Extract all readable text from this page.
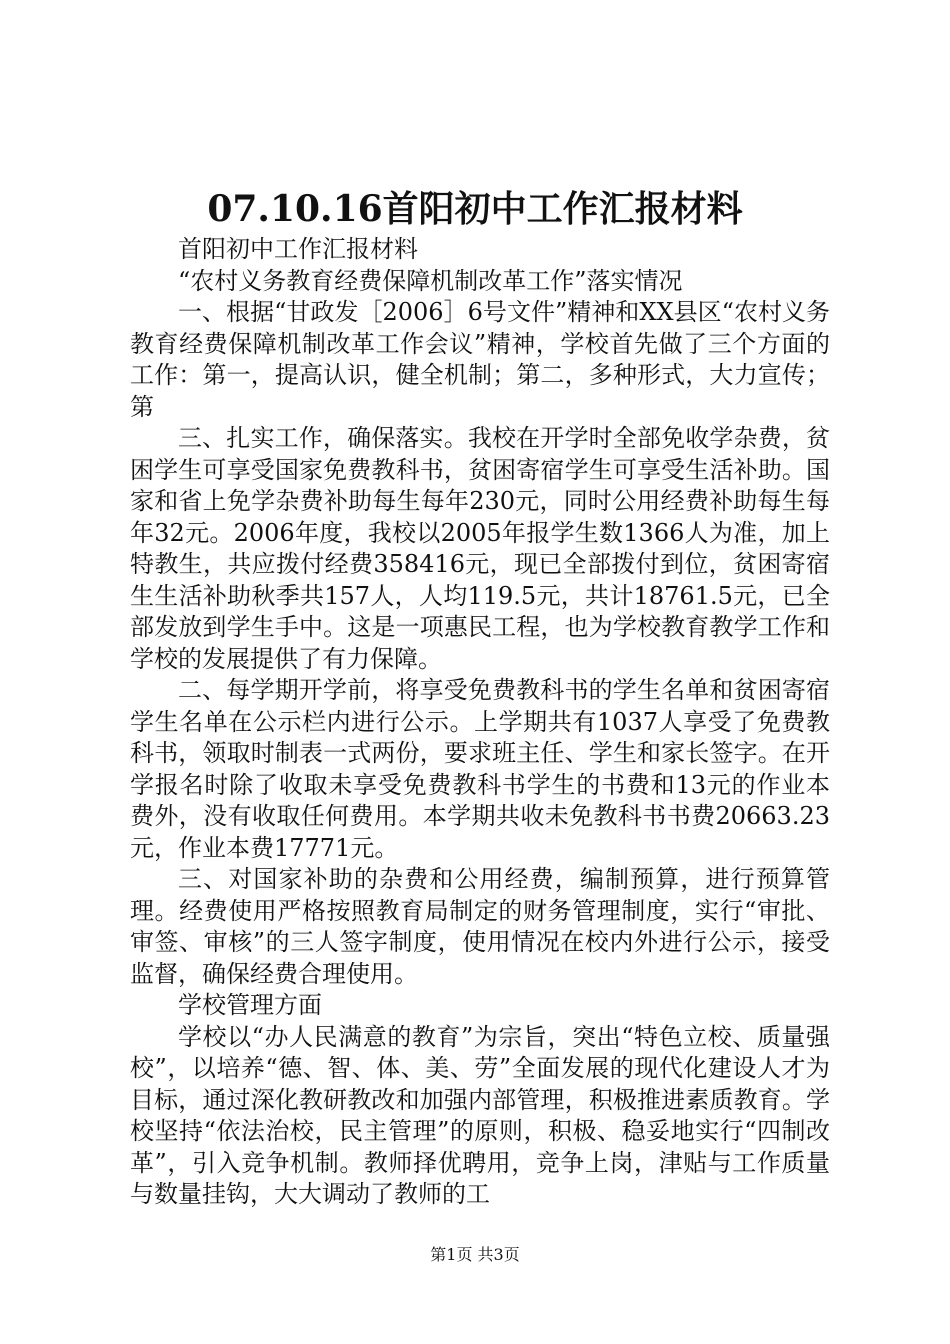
07.10.16首阳初中工作汇报材料

首阳初中工作汇报材料

“农村义务教育经费保障机制改革工作”落实情况

一、根据“甘政发［2006］6号文件”精神和XX县区“农村义务教育经费保障机制改革工作会议”精神，学校首先做了三个方面的工作：第一，提高认识，健全机制；第二，多种形式，大力宣传；第

三、扎实工作，确保落实。我校在开学时全部免收学杂费，贫困学生可享受国家免费教科书，贫困寄宿学生可享受生活补助。国家和省上免学杂费补助每生每年230元，同时公用经费补助每生每年32元。2006年度，我校以2005年报学生数1366人为准，加上特教生，共应拨付经费358416元，现已全部拨付到位，贫困寄宿生生活补助秋季共157人，人均119.5元，共计18761.5元，已全部发放到学生手中。这是一项惠民工程，也为学校教育教学工作和学校的发展提供了有力保障。

二、每学期开学前，将享受免费教科书的学生名单和贫困寄宿学生名单在公示栏内进行公示。上学期共有1037人享受了免费教科书，领取时制表一式两份，要求班主任、学生和家长签字。在开学报名时除了收取未享受免费教科书学生的书费和13元的作业本费外，没有收取任何费用。本学期共收未免教科书书费20663.23元，作业本费17771元。

三、对国家补助的杂费和公用经费，编制预算，进行预算管理。经费使用严格按照教育局制定的财务管理制度，实行“审批、审签、审核”的三人签字制度，使用情况在校内外进行公示，接受监督，确保经费合理使用。

学校管理方面

学校以“办人民满意的教育”为宗旨，突出“特色立校、质量强校”，以培养“德、智、体、美、劳”全面发展的现代化建设人才为目标，通过深化教研教改和加强内部管理，积极推进素质教育。学校坚持“依法治校，民主管理”的原则，积极、稳妥地实行“四制改革”，引入竞争机制。教师择优聘用，竞争上岗，津贴与工作质量与数量挂钩，大大调动了教师的工

第1页 共3页
